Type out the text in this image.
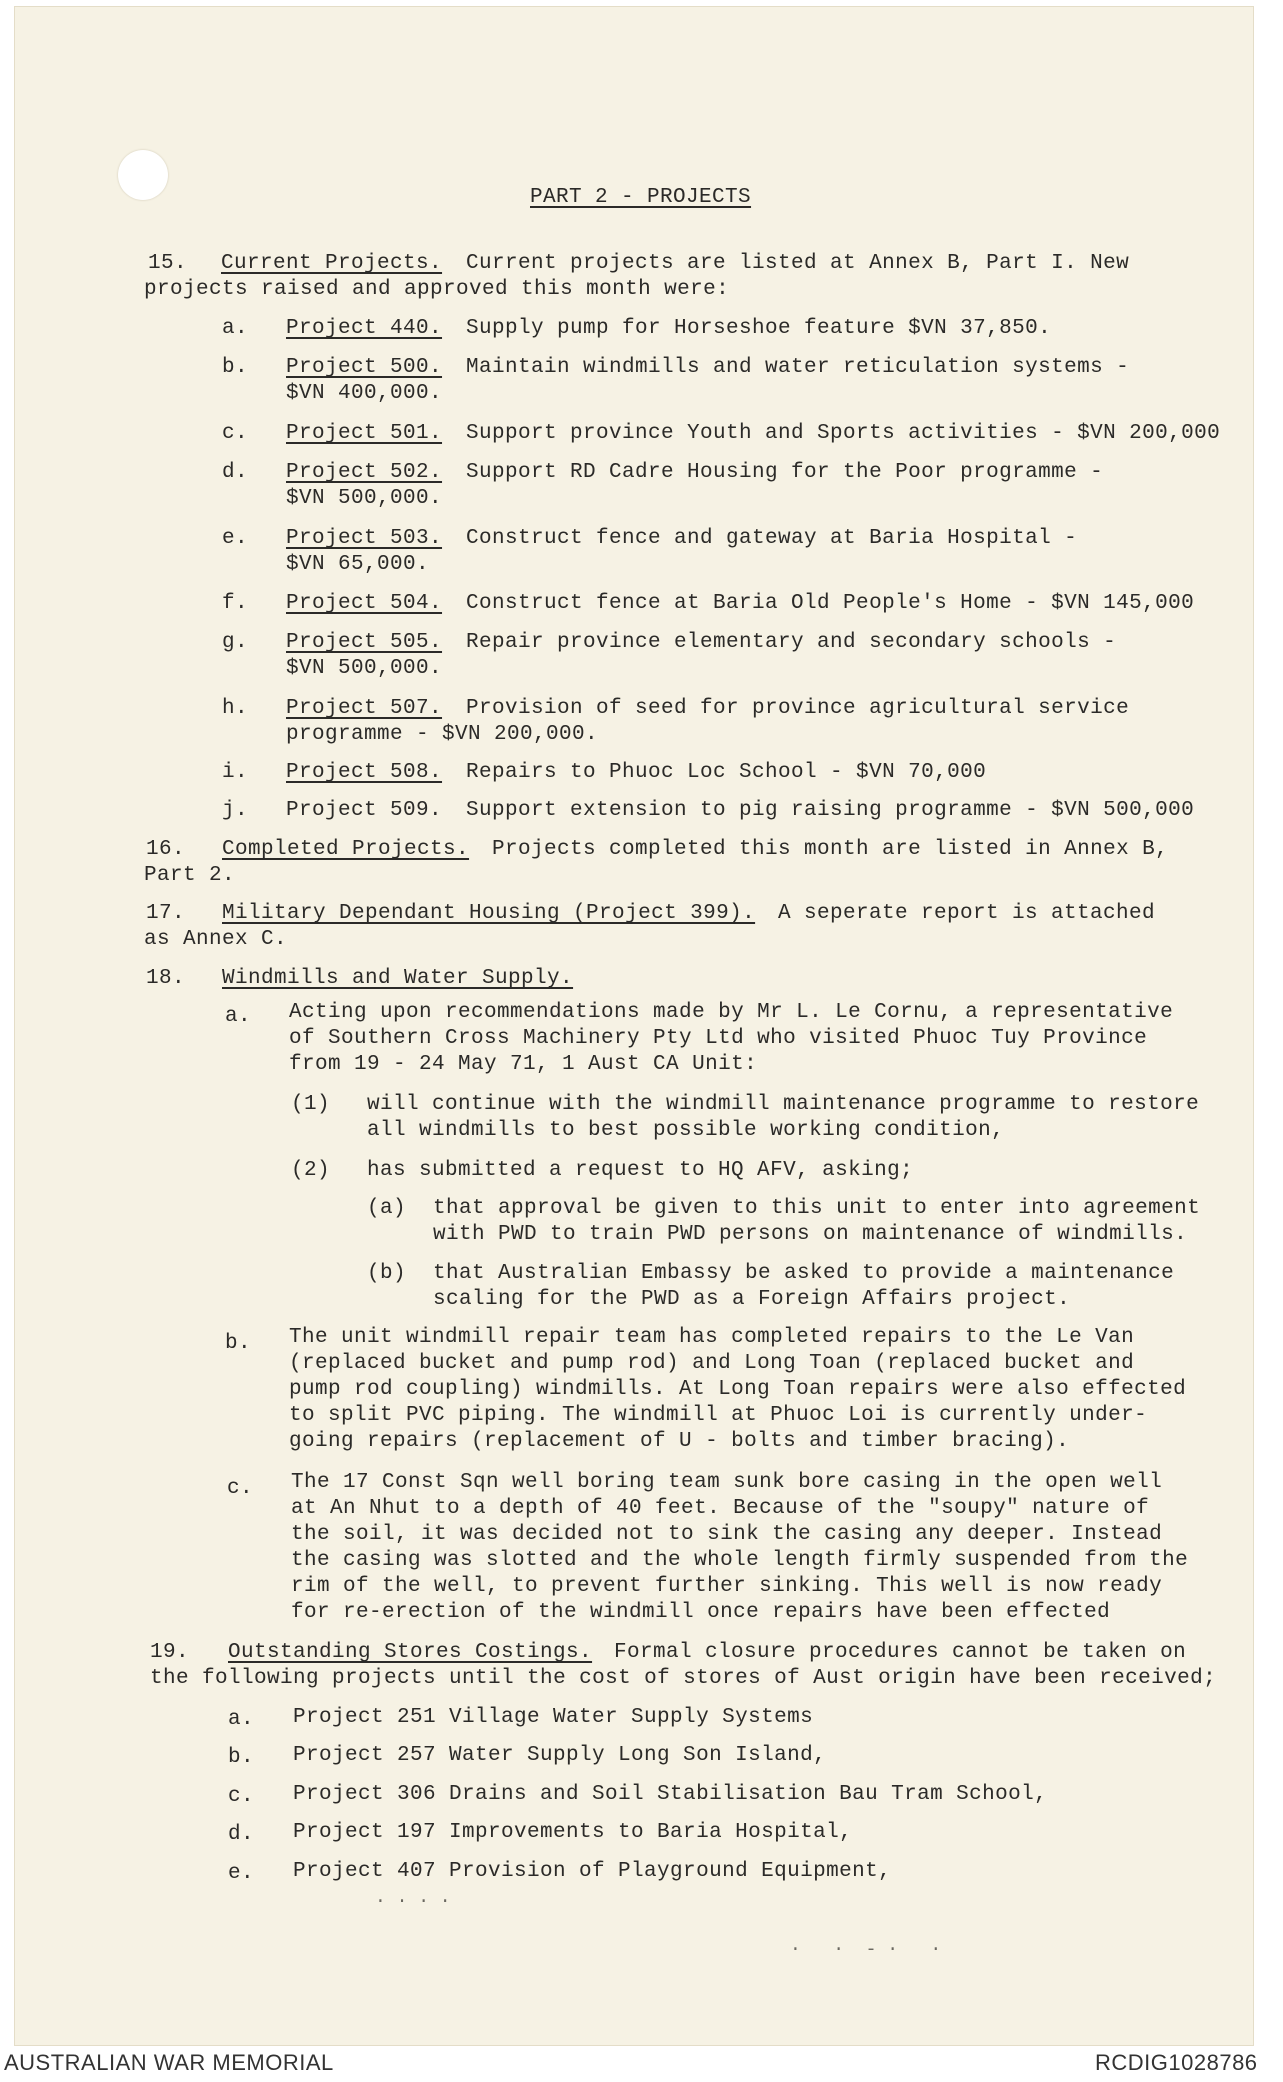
PART 2 - PROJECTS
15. Current Projects. Current projects are listed at Annex B, Part I. New
projects raised and approved this month were:
a. Project 440. Supply pump for Horseshoe feature $VN 37,850.
b. Project 500. Maintain windmills and water reticulation systems -
$VN 400,000.
c. Project 501. Support province Youth and Sports activities - $VN 200,000
d. Project 502. Support RD Cadre Housing for the Poor programme -
$VN 500,000.
e. Project 503. Construct fence and gateway at Baria Hospital -
$VN 65,000.
f. Project 504. Construct fence at Baria Old People's Home - $VN 145,000
g. Project 505. Repair province elementary and secondary schools -
$VN 500,000.
h. Project 507. Provision of seed for province agricultural service
programme - $VN 200,000.
i. Project 508. Repairs to Phuoc Loc School - $VN 70,000
j. Project 509. Support extension to pig raising programme - $VN 500,000
16. Completed Projects. Projects completed this month are listed in Annex B,
Part 2.
17. Military Dependant Housing (Project 399). A seperate report is attached
as Annex C.
18. Windmills and Water Supply.
a. Acting upon recommendations made by Mr L. Le Cornu, a representative
of Southern Cross Machinery Pty Ltd who visited Phuoc Tuy Province
from 19 - 24 May 71, 1 Aust CA Unit:
(1) will continue with the windmill maintenance programme to restore
all windmills to best possible working condition,
(2) has submitted a request to HQ AFV, asking;
(a) that approval be given to this unit to enter into agreement
with PWD to train PWD persons on maintenance of windmills.
(b) that Australian Embassy be asked to provide a maintenance
scaling for the PWD as a Foreign Affairs project.
b. The unit windmill repair team has completed repairs to the Le Van
(replaced bucket and pump rod) and Long Toan (replaced bucket and
pump rod coupling) windmills. At Long Toan repairs were also effected
to split PVC piping. The windmill at Phuoc Loi is currently under-
going repairs (replacement of U - bolts and timber bracing).
c. The 17 Const Sqn well boring team sunk bore casing in the open well
at An Nhut to a depth of 40 feet. Because of the "soupy" nature of
the soil, it was decided not to sink the casing any deeper. Instead
the casing was slotted and the whole length firmly suspended from the
rim of the well, to prevent further sinking. This well is now ready
for re-erection of the windmill once repairs have been effected
19. Outstanding Stores Costings. Formal closure procedures cannot be taken on
the following projects until the cost of stores of Aust origin have been received;
a. Project 251 Village Water Supply Systems
b. Project 257 Water Supply Long Son Island,
c. Project 306 Drains and Soil Stabilisation Bau Tram School,
d. Project 197 Improvements to Baria Hospital,
e. Project 407 Provision of Playground Equipment,
· · · ·
·   ·  - ·   ·
AUSTRALIAN WAR MEMORIAL	RCDIG1028786
